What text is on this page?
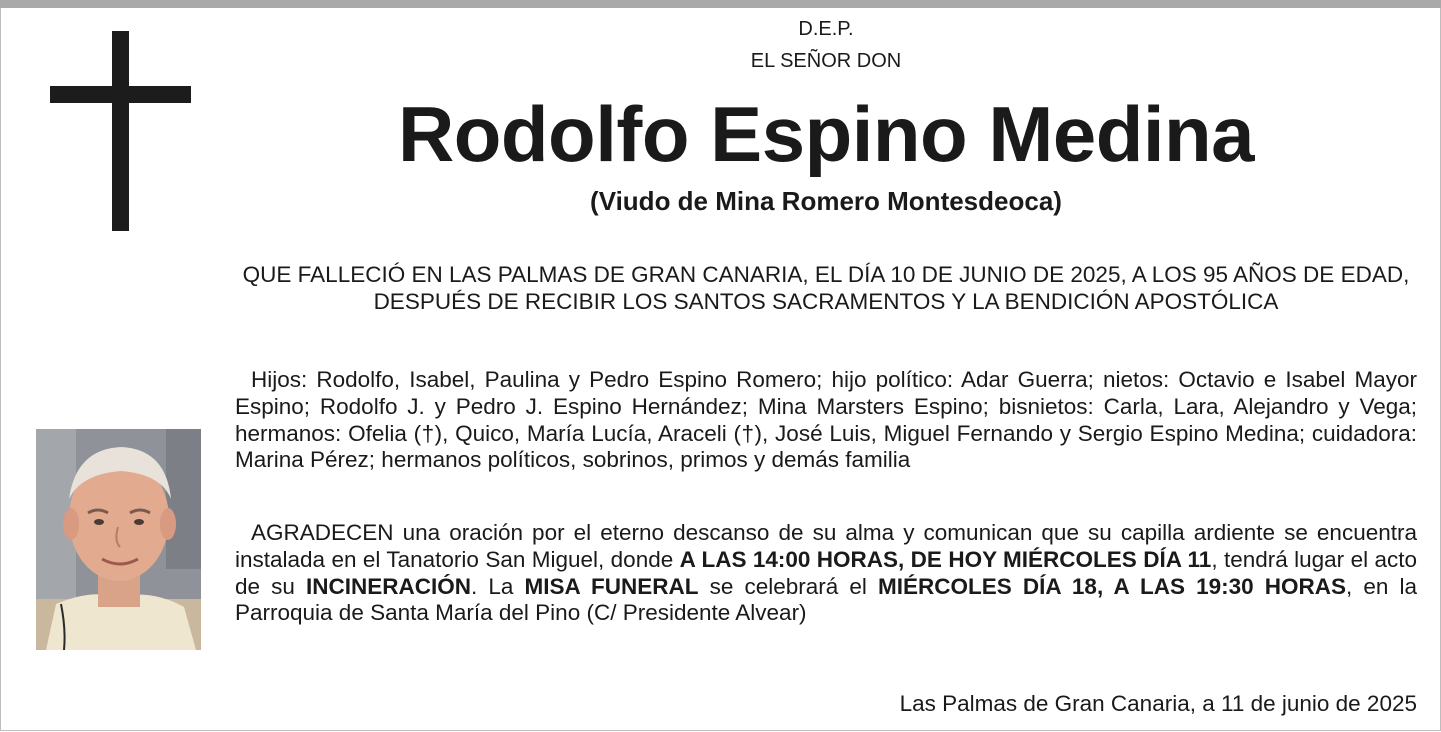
D.E.P.
EL SEÑOR DON
Rodolfo Espino Medina
(Viudo de Mina Romero Montesdeoca)
QUE FALLECIÓ EN LAS PALMAS DE GRAN CANARIA, EL DÍA 10 DE JUNIO DE 2025, A LOS 95 AÑOS DE EDAD, DESPUÉS DE RECIBIR LOS SANTOS SACRAMENTOS Y LA BENDICIÓN APOSTÓLICA
Hijos: Rodolfo, Isabel, Paulina y Pedro Espino Romero; hijo político: Adar Guerra; nietos: Octavio e Isabel Mayor Espino; Rodolfo J. y Pedro J. Espino Hernández; Mina Marsters Espino; bisnietos: Carla, Lara, Alejandro y Vega; hermanos: Ofelia (†), Quico, María Lucía, Araceli (†), José Luis, Miguel Fernando y Sergio Espino Medina; cuidadora: Marina Pérez; hermanos políticos, sobrinos, primos y demás familia
AGRADECEN una oración por el eterno descanso de su alma y comunican que su capilla ardiente se encuentra instalada en el Tanatorio San Miguel, donde A LAS 14:00 HORAS, DE HOY MIÉRCOLES DÍA 11, tendrá lugar el acto de su INCINERACIÓN. La MISA FUNERAL se celebrará el MIÉRCOLES DÍA 18, A LAS 19:30 HORAS, en la Parroquia de Santa María del Pino (C/ Presidente Alvear)
Las Palmas de Gran Canaria, a 11 de junio de 2025
